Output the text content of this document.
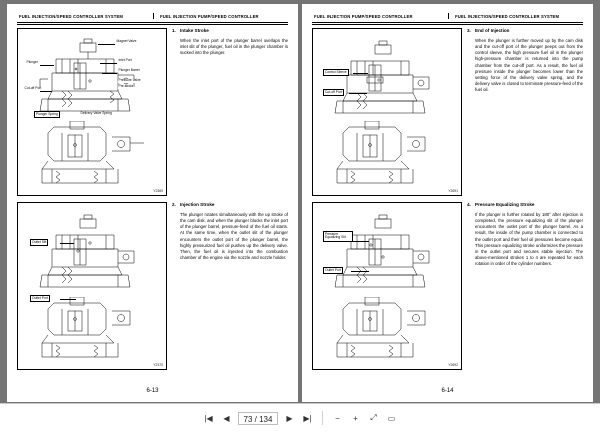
FUEL INJECTION/SPEED CONTROLLER SYSTEM	FUEL INJECTION PUMP/SPEED CONTROLLER
Magnet Valve
Plunger	Inlet Port
Plunger Barrel
Pressure Valve
Pre-stroke
Cut-off Port
Plunger Spring	Delivery Valve Spring
Y2369
1. Intake Stroke

When the inlet port of the plunger barrel overlaps the inlet slit of the plunger, fuel oil in the plunger chamber is sucked into the plunger.

Outlet Slit
Outlet Port
Y2370
2. Injection Stroke

The plunger rotates simultaneously with the up stroke of the cam disk, and when the plunger blocks the inlet port of the plunger barrel, pressure-feed of the fuel oil starts. At the same time, when the outlet slit of the plunger encounters the outlet port of the plunger barrel, the highly pressurized fuel oil pushes up the delivery valve. Then, the fuel oil is injected into the combustion chamber of the engine via the nozzle and nozzle holder.

6-13
FUEL INJECTION PUMP/SPEED CONTROLLER	FUEL INJECTION/SPEED CONTROLLER SYSTEM
Control Sleeve
Cut-off Port
Y2691
3. End of Injection

When the plunger is further moved up by the cam disk and the cut-off port of the plunger peeps out from the control sleeve, the high pressure fuel oil in the plunger high-pressure chamber is returned into the pump chamber from the cut-off port. As a result, the fuel oil pressure inside the plunger becomes lower than the setting force of the delivery valve spring, and the delivery valve is closed to terminate pressure-feed of the fuel oil.

Pressure Equalizing Slit
Outlet Port
Y2692
4. Pressure Equalizing Stroke

If the plunger is further rotated by 180° after injection is completed, the pressure equalizing slit of the plunger encounters the outlet port of the plunger barrel. As a result, the inside of the pump chamber is connected to the outlet port and their fuel oil pressures become equal. This pressure equalizing stroke uniformizes the pressure in the outlet port and secures stable injection. The above-mentioned strokes 1 to 4 are repeated for each rotation in order of the cylinder numbers.

6-14
|◀	◀	73 / 134	▶	▶|	−	+	⤢	▭
